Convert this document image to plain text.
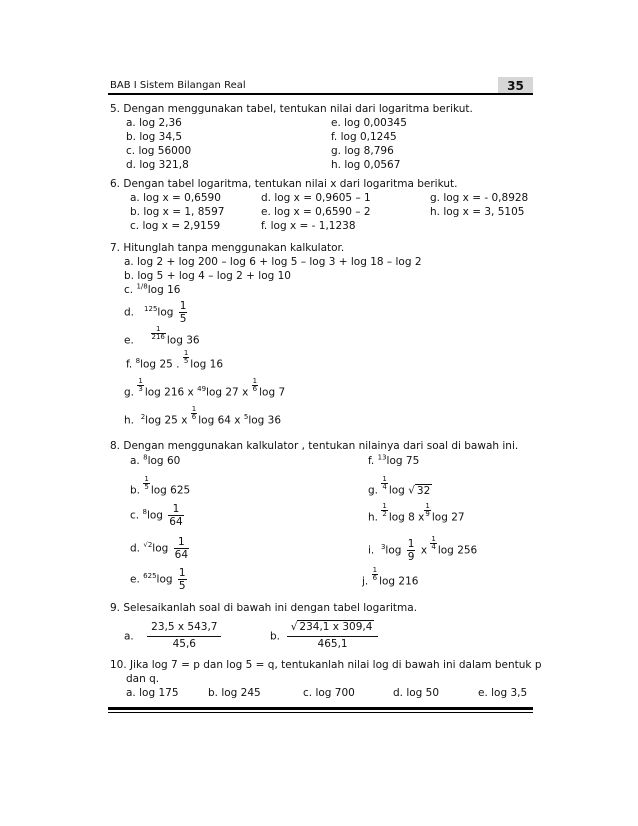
BAB I Sistem Bilangan Real	35
5. Dengan menggunakan tabel, tentukan nilai dari logaritma berikut.
a. log 2,36
b. log 34,5
c. log 56000
d. log 321,8
e. log 0,00345
f. log 0,1245
g. log 8,796
h. log 0,0567
6. Dengan tabel logaritma, tentukan nilai x dari logaritma berikut.
a. log x = 0,6590
b. log x = 1, 8597
c. log x = 2,9159
d. log x = 0,9605 – 1
e. log x = 0,6590 – 2
f. log x = - 1,1238
g. log x = - 0,8928
h. log x = 3, 5105
7. Hitunglah tanpa menggunakan kalkulator.
a. log 2 + log 200 – log 6 + log 5 – log 3 + log 18 – log 2
b. log 5 + log 4 – log 2 + log 10
c. $^{1/8}$log 16
d. $^{125}\log \frac{1}{5}$
e. $\frac{1}{216}$ log 36
f. $^8$log 25 . $\frac{1}{5}$ log 16
g. $\frac{1}{3}$ log 216 x $^{49}$log 27 x $\frac{1}{6}$ log 7
h. $^2$log 25 x $\frac{1}{6}$ log 64 x $^5$log 36
8. Dengan menggunakan kalkulator , tentukan nilainya dari soal di bawah ini.
a. $^8$log 60
b. $\frac{1}{5}$ log 625
c. $^8\log \frac{1}{64}$
d. $^{√2}\log \frac{1}{64}$
e. $^{625}\log \frac{1}{5}$
f. $^{13}$log 75
g. $\frac{1}{4}$ log √ 32
h. $\frac{1}{2}$ log 8 x $\frac{1}{9}$ log 27
i. $^3\log \frac{1}{9}$ x $\frac{1}{4}$ log 256
j. $\frac{1}{6}$ log 216
9. Selesaikanlah soal di bawah ini dengan tabel logaritma.
a. $\frac{23,5 x 543,7}{45,6}$	b. $\frac{√ 234,1 x 309,4}{465,1}$
10. Jika log 7 = p dan log 5 = q, tentukanlah nilai log di bawah ini dalam bentuk p
dan q.
a. log 175	b. log 245	c. log 700	d. log 50	e. log 3,5
